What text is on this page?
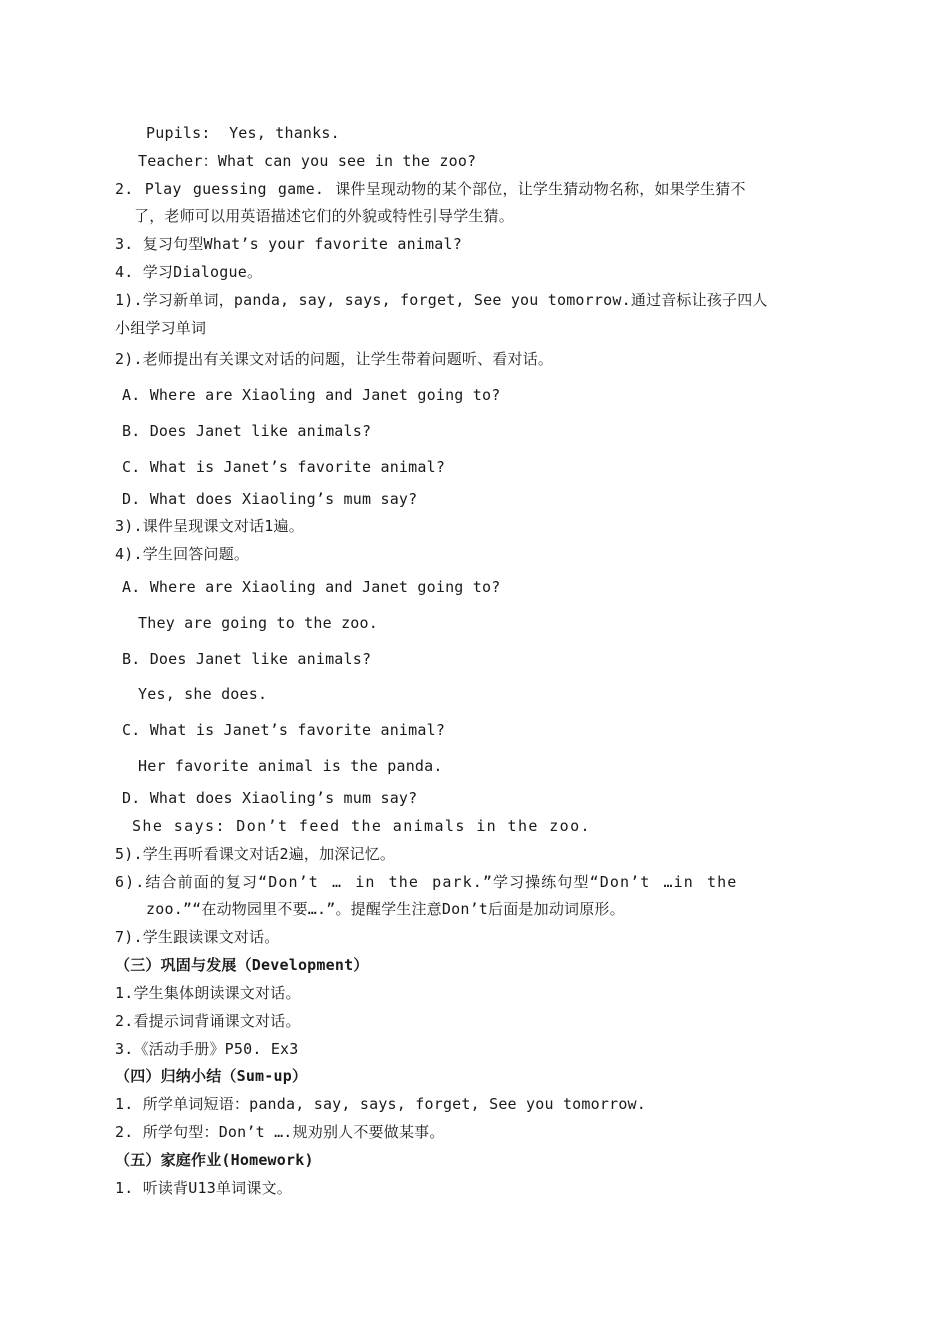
Pupils:  Yes, thanks.
Teacher：What can you see in the zoo?
2. Play guessing game. 课件呈现动物的某个部位，让学生猜动物名称，如果学生猜不
了，老师可以用英语描述它们的外貌或特性引导学生猜。
3. 复习句型What’s your favorite animal?
4. 学习Dialogue。
1).学习新单词，panda, say, says, forget, See you tomorrow.通过音标让孩子四人
小组学习单词
2).老师提出有关课文对话的问题，让学生带着问题听、看对话。
A. Where are Xiaoling and Janet going to?
B. Does Janet like animals?
C. What is Janet’s favorite animal?
D. What does Xiaoling’s mum say?
3).课件呈现课文对话1遍。
4).学生回答问题。
A. Where are Xiaoling and Janet going to?
They are going to the zoo.
B. Does Janet like animals?
Yes, she does.
C. What is Janet’s favorite animal?
Her favorite animal is the panda.
D. What does Xiaoling’s mum say?
She says: Don’t feed the animals in the zoo.
5).学生再听看课文对话2遍，加深记忆。
6).结合前面的复习“Don’t … in the park.”学习操练句型“Don’t …in the
zoo.”“在动物园里不要….”。提醒学生注意Don’t后面是加动词原形。
7).学生跟读课文对话。
（三）巩固与发展（Development）
1.学生集体朗读课文对话。
2.看提示词背诵课文对话。
3.《活动手册》P50. Ex3
（四）归纳小结（Sum-up）
1. 所学单词短语：panda, say, says, forget, See you tomorrow.
2. 所学句型：Don’t ….规劝别人不要做某事。
（五）家庭作业(Homework)
1. 听读背U13单词课文。
